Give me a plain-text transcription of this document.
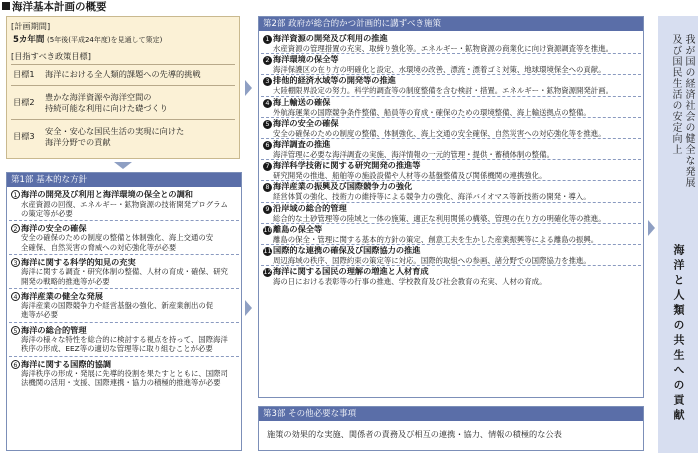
海洋基本計画の概要
[計画期間]
5カ年間 (5年後(平成24年度)を見通して策定)
[目指すべき政策目標]
目標1	海洋における全人類的課題への先導的挑戦
目標2	豊かな海洋資源や海洋空間の
持続可能な利用に向けた礎づくり
目標3	安全・安心な国民生活の実現に向けた
海洋分野での貢献
第1部 基本的な方針
1 海洋の開発及び利用と海洋環境の保全との調和
水産資源の回復、エネルギー・鉱物資源の技術開発プログラム
の策定等が必要
2 海洋の安全の確保
安全の確保のための制度の整備と体制強化、海上交通の安
全確保、自然災害の脅威への対応強化等が必要
3 海洋に関する科学的知見の充実
海洋に関する調査・研究体制の整備、人材の育成・確保、研究
開発の戦略的推進等が必要
4 海洋産業の健全な発展
海洋産業の国際競争力や経営基盤の強化、新産業創出の促
進等が必要
5 海洋の総合的管理
海洋の様々な特性を総合的に検討する視点を持って、国際海洋
秩序の形成、EEZ等の適切な管理等に取り組むことが必要
6 海洋に関する国際的協調
海洋秩序の形成・発展に先導的役割を果たすとともに、国際司
法機関の活用・支援、国際連携・協力の積極的推進等が必要
第2部 政府が総合的かつ計画的に講ずべき施策
1 海洋資源の開発及び利用の推進
水産資源の管理措置の充実、取締り強化等。エネルギー・鉱物資源の商業化に向け資源調査等を推進。
2 海洋環境の保全等
海洋保護区の在り方の明確化と設定、水環境の改善、漂流・漂着ゴミ対策、地球環境保全への貢献。
3 排他的経済水域等の開発等の推進
大陸棚限界設定の努力。科学的調査等の制度整備を含む検討・措置。エネルギー・鉱物資源開発計画。
4 海上輸送の確保
外航海運業の国際競争条件整備、船員等の育成・確保のための環境整備、海上輸送拠点の整備。
5 海洋の安全の確保
安全の確保のための制度の整備、体制強化、海上交通の安全確保、自然災害への対応強化等を推進。
6 海洋調査の推進
海洋管理に必要な海洋調査の実施、海洋情報の一元的管理・提供・蓄積体制の整備。
7 海洋科学技術に関する研究開発の推進等
研究開発の推進、船舶等の施設設備や人材等の基盤整備及び関係機関の連携強化。
8 海洋産業の振興及び国際競争力の強化
経営体質の強化、技術力の維持等による競争力の強化、海洋バイオマス等新技術の開発・導入。
9 沿岸域の総合的管理
総合的な土砂管理等の陸域と一体の施策、適正な利用関係の構築、管理の在り方の明確化等の推進。
10離島の保全等
離島の保全・管理に関する基本的方針の策定、創意工夫を生かした産業振興等による離島の振興。
11国際的な連携の確保及び国際協力の推進
周辺海域の秩序、国際約束の策定等に対応。国際的取組への参画、諸分野での国際協力を推進。
12海洋に関する国民の理解の増進と人材育成
海の日における表彰等の行事の推進、学校教育及び社会教育の充実、人材の育成。
第3部 その他必要な事項
施策の効果的な実施、関係者の責務及び相互の連携・協力、情報の積極的な公表
我が国の経済社会の健全な発展
及び国民生活の安定向上
海洋と人類の共生への貢献
